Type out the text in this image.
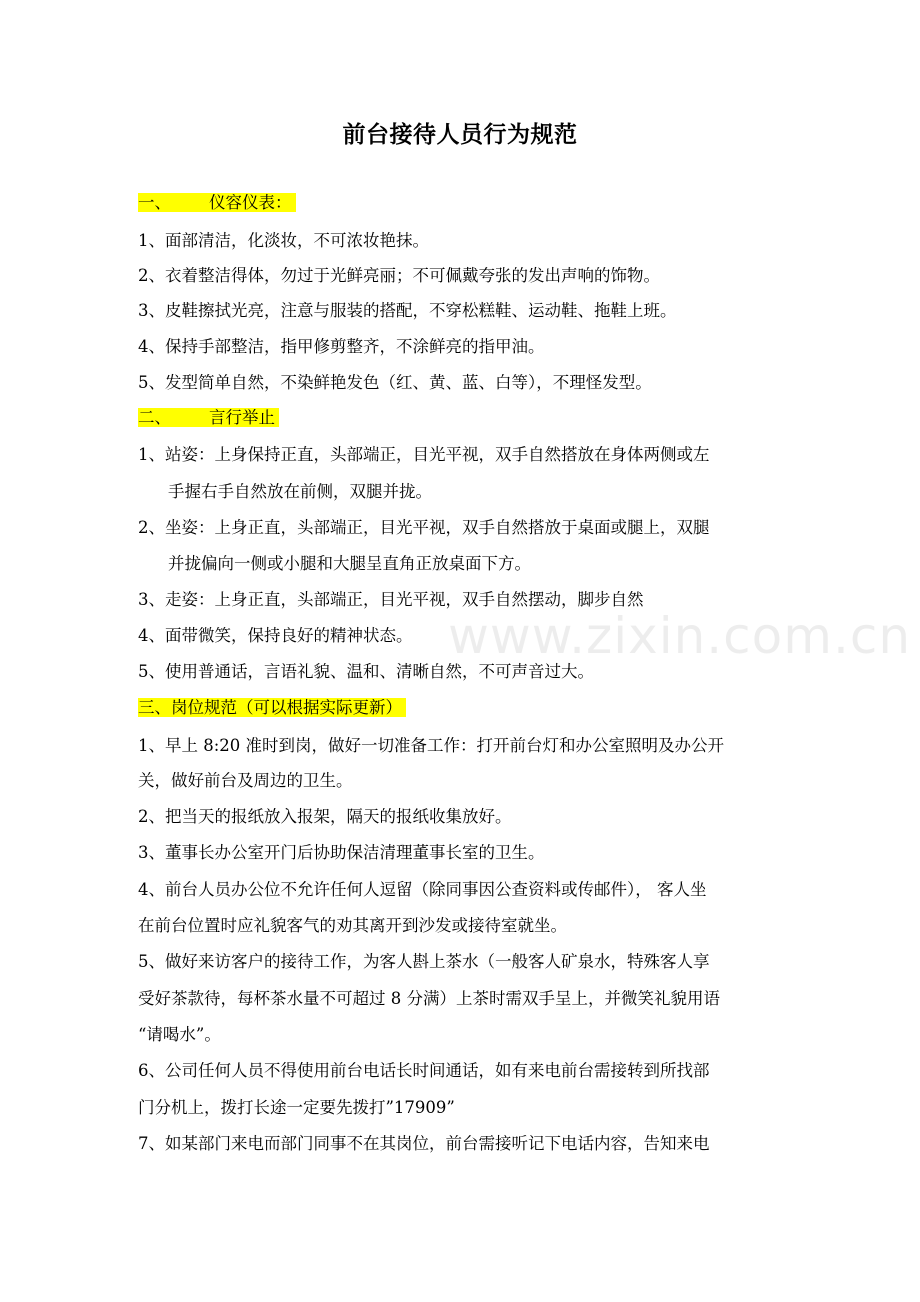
前台接待人员行为规范
一、 仪容仪表：
1、面部清洁，化淡妆，不可浓妆艳抹。
2、衣着整洁得体，勿过于光鲜亮丽；不可佩戴夸张的发出声响的饰物。
3、皮鞋擦拭光亮，注意与服装的搭配，不穿松糕鞋、运动鞋、拖鞋上班。
4、保持手部整洁，指甲修剪整齐，不涂鲜亮的指甲油。
5、发型简单自然，不染鲜艳发色（红、黄、蓝、白等），不理怪发型。
二、 言行举止
1、站姿：上身保持正直，头部端正，目光平视，双手自然搭放在身体两侧或左
手握右手自然放在前侧，双腿并拢。
2、坐姿：上身正直，头部端正，目光平视，双手自然搭放于桌面或腿上，双腿
并拢偏向一侧或小腿和大腿呈直角正放桌面下方。
3、走姿：上身正直，头部端正，目光平视，双手自然摆动，脚步自然
4、面带微笑，保持良好的精神状态。
5、使用普通话，言语礼貌、温和、清晰自然，不可声音过大。
三、岗位规范（可以根据实际更新）
1、早上 8:20 准时到岗，做好一切准备工作：打开前台灯和办公室照明及办公开
关，做好前台及周边的卫生。
2、把当天的报纸放入报架，隔天的报纸收集放好。
3、董事长办公室开门后协助保洁清理董事长室的卫生。
4、前台人员办公位不允许任何人逗留（除同事因公查资料或传邮件）， 客人坐
在前台位置时应礼貌客气的劝其离开到沙发或接待室就坐。
5、做好来访客户的接待工作，为客人斟上茶水（一般客人矿泉水，特殊客人享
受好茶款待，每杯茶水量不可超过 8 分满）上茶时需双手呈上，并微笑礼貌用语
“请喝水”。
6、公司任何人员不得使用前台电话长时间通话，如有来电前台需接转到所找部
门分机上，拨打长途一定要先拨打”17909”
7、如某部门来电而部门同事不在其岗位，前台需接听记下电话内容，告知来电
www.zixin.com.cn
